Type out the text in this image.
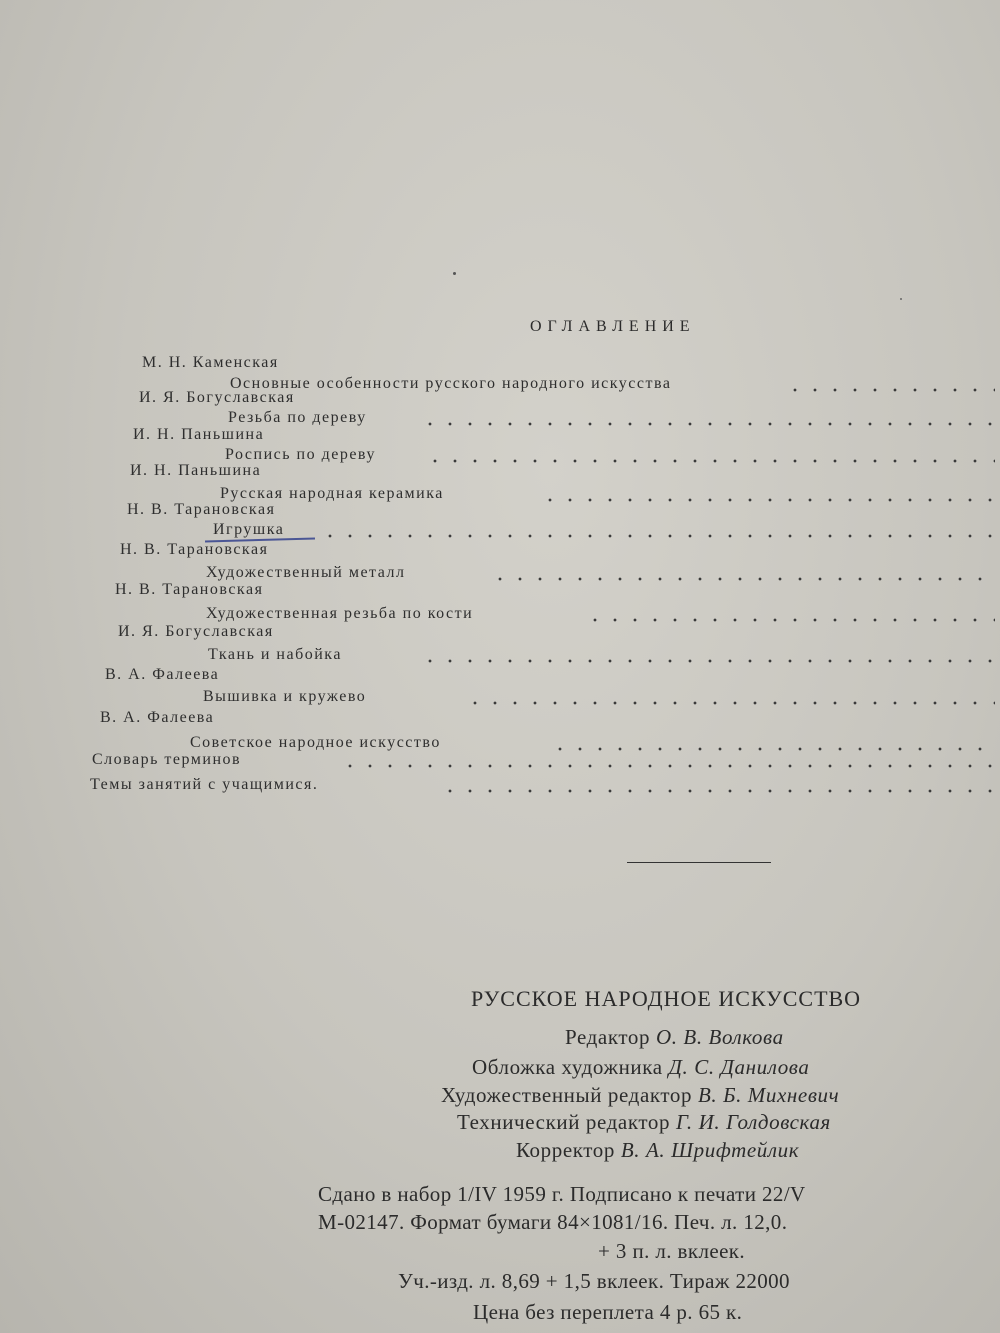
ОГЛАВЛЕНИЕ
М. Н. Каменская
Основные особенности русского народного искусства
И. Я. Богуславская
Резьба по дереву
И. Н. Паньшина
Роспись по дереву
И. Н. Паньшина
Русская народная керамика
Н. В. Тарановская
Игрушка
Н. В. Тарановская
Художественный металл
Н. В. Тарановская
Художественная резьба по кости
И. Я. Богуславская
Ткань и набойка
В. А. Фалеева
Вышивка и кружево
В. А. Фалеева
Советское народное искусство
Словарь терминов
Темы занятий с учащимися.
РУССКОЕ НАРОДНОЕ ИСКУССТВО
Редактор О. В. Волкова
Обложка художника Д. С. Данилова
Художественный редактор В. Б. Михневич
Технический редактор Г. И. Голдовская
Корректор В. А. Шрифтейлик
Сдано в набор 1/IV 1959 г. Подписано к печати 22/V
М-02147. Формат бумаги 84×1081/16. Печ. л. 12,0.
+ 3 п. л. вклеек.
Уч.-изд. л. 8,69 + 1,5 вклеек. Тираж 22000
Цена без переплета 4 р. 65 к.
